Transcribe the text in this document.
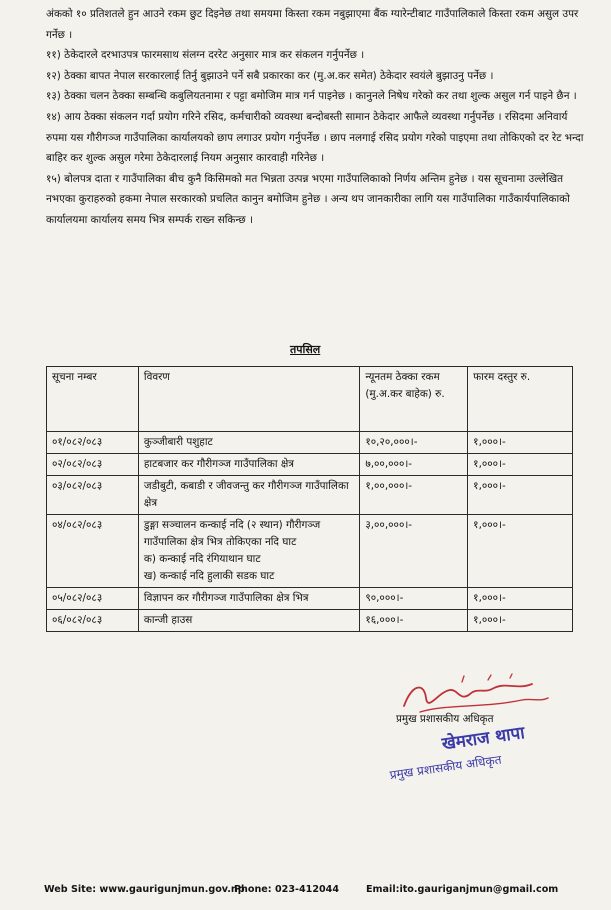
अंकको १० प्रतिशतले हुन आउने रकम छुट दिइनेछ तथा समयमा किस्ता रकम नबुझाएमा बैंक ग्यारेन्टीबाट गाउँपालिकाले किस्ता रकम असुल उपर गर्नेछ ।

११) ठेकेदारले दरभाउपत्र फारमसाथ संलग्न दररेट अनुसार मात्र कर संकलन गर्नुपर्नेछ ।

१२) ठेक्का बापत नेपाल सरकारलाई तिर्नु बुझाउने पर्ने सबै प्रकारका कर (मु.अ.कर समेत) ठेकेदार स्वयंले बुझाउनु पर्नेछ ।

१३) ठेक्का चलन ठेक्का सम्बन्धि कबुलियतनामा र पट्टा बमोजिम मात्र गर्न पाइनेछ । कानुनले निषेध गरेको कर तथा शुल्क असुल गर्न पाइने छैन ।

१४) आय ठेक्का संकलन गर्दा प्रयोग गरिने रसिद, कर्मचारीको व्यवस्था बन्दोबस्ती सामान ठेकेदार आफैले व्यवस्था गर्नुपर्नेछ । रसिदमा अनिवार्य रुपमा यस गौरीगञ्ज गाउँपालिका कार्यालयको छाप लगाउर प्रयोग गर्नुपर्नेछ । छाप नलगाई रसिद प्रयोग गरेको पाइएमा तथा तोकिएको दर रेट भन्दा बाहिर कर शुल्क असुल गरेमा ठेकेदारलाई नियम अनुसार कारवाही गरिनेछ ।

१५) बोलपत्र दाता र गाउँपालिका बीच कुनै किसिमको मत भिन्नता उत्पन्न भएमा गाउँपालिकाको निर्णय अन्तिम हुनेछ । यस सूचनामा उल्लेखित नभएका कुराहरुको हकमा नेपाल सरकारको प्रचलित कानुन बमोजिम हुनेछ । अन्य थप जानकारीका लागि यस गाउँपालिका गाउँकार्यपालिकाको कार्यालयमा कार्यालय समय भित्र सम्पर्क राख्न सकिन्छ ।

तपसिल
सूचना नम्बर	विवरण	न्यूनतम ठेक्का रकम (मु.अ.कर बाहेक) रु.	फारम दस्तुर रु.
०१/०८२/०८३	कुञ्जीबारी पशुहाट	१०,२०,०००।-	१,०००।-
०२/०८२/०८३	हाटबजार कर गौरीगञ्ज गाउँपालिका क्षेत्र	७,००,०००।-	१,०००।-
०३/०८२/०८३	जडीबुटी, कबाडी र जीवजन्तु कर गौरीगञ्ज गाउँपालिका क्षेत्र	१,००,०००।-	१,०००।-
०४/०८२/०८३	डुङ्गा सञ्चालन कन्काई नदि (२ स्थान) गौरीगञ्ज गाउँपालिका क्षेत्र भित्र तोकिएका नदि घाट
क) कन्काई नदि रंगियाथान घाट
ख) कन्काई नदि हुलाकी सडक घाट	३,००,०००।-	१,०००।-
०५/०८२/०८३	विज्ञापन कर गौरीगञ्ज गाउँपालिका क्षेत्र भित्र	९०,०००।-	१,०००।-
०६/०८२/०८३	कान्जी हाउस	१६,०००।-	१,०००।-
प्रमुख प्रशासकीय अधिकृत
खेमराज थापा
प्रमुख प्रशासकीय अधिकृत
Web Site: www.gaurigunjmun.gov.np
Phone: 023-412044	Email:ito.gauriganjmun@gmail.com
